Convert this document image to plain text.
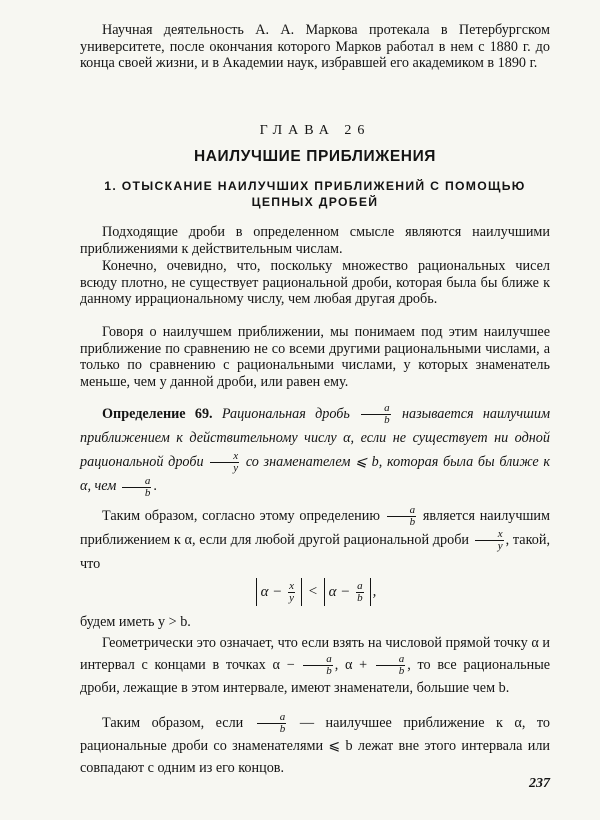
Научная деятельность А. А. Маркова протекала в Петербургском университете, после окончания которого Марков работал в нем с 1880 г. до конца своей жизни, и в Академии наук, избравшей его академиком в 1890 г.
ГЛАВА 26
НАИЛУЧШИЕ ПРИБЛИЖЕНИЯ
1. ОТЫСКАНИЕ НАИЛУЧШИХ ПРИБЛИЖЕНИЙ С ПОМОЩЬЮ
ЦЕПНЫХ ДРОБЕЙ
Подходящие дроби в определенном смысле являются наилучшими приближениями к действительным числам.
Конечно, очевидно, что, поскольку множество рациональных чисел всюду плотно, не существует рациональной дроби, которая была бы ближе к данному иррациональному числу, чем любая другая дробь.
Говоря о наилучшем приближении, мы понимаем под этим наилучшее приближение по сравнению не со всеми другими рациональными числами, а только по сравнению с рациональными числами, у которых знаменатель меньше, чем у данной дроби, или равен ему.
Определение 69. Рациональная дробь $\frac{a}{b}$ называется наилучшим приближением к действительному числу α, если не существует ни одной рациональной дроби $\frac{x}{y}$ со знаменателем ⩽ b, которая была бы ближе к α, чем $\frac{a}{b}$ .
Таким образом, согласно этому определению $\frac{a}{b}$ является наилучшим приближением к α, если для любой другой рациональной дроби $\frac{x}{y}$ , такой, что
$\alpha - \frac{x}{y} < \alpha - \frac{a}{b}$ ,
будем иметь y > b.
Геометрически это означает, что если взять на числовой прямой точку α и интервал с концами в точках $\alpha - \frac{a}{b}$ , $\alpha + \frac{a}{b}$ , то все рациональные дроби, лежащие в этом интервале, имеют знаменатели, большие чем b.
Таким образом, если $\frac{a}{b}$ — наилучшее приближение к α, то рациональные дроби со знаменателями ⩽ b лежат вне этого интервала или совпадают с одним из его концов.
237
